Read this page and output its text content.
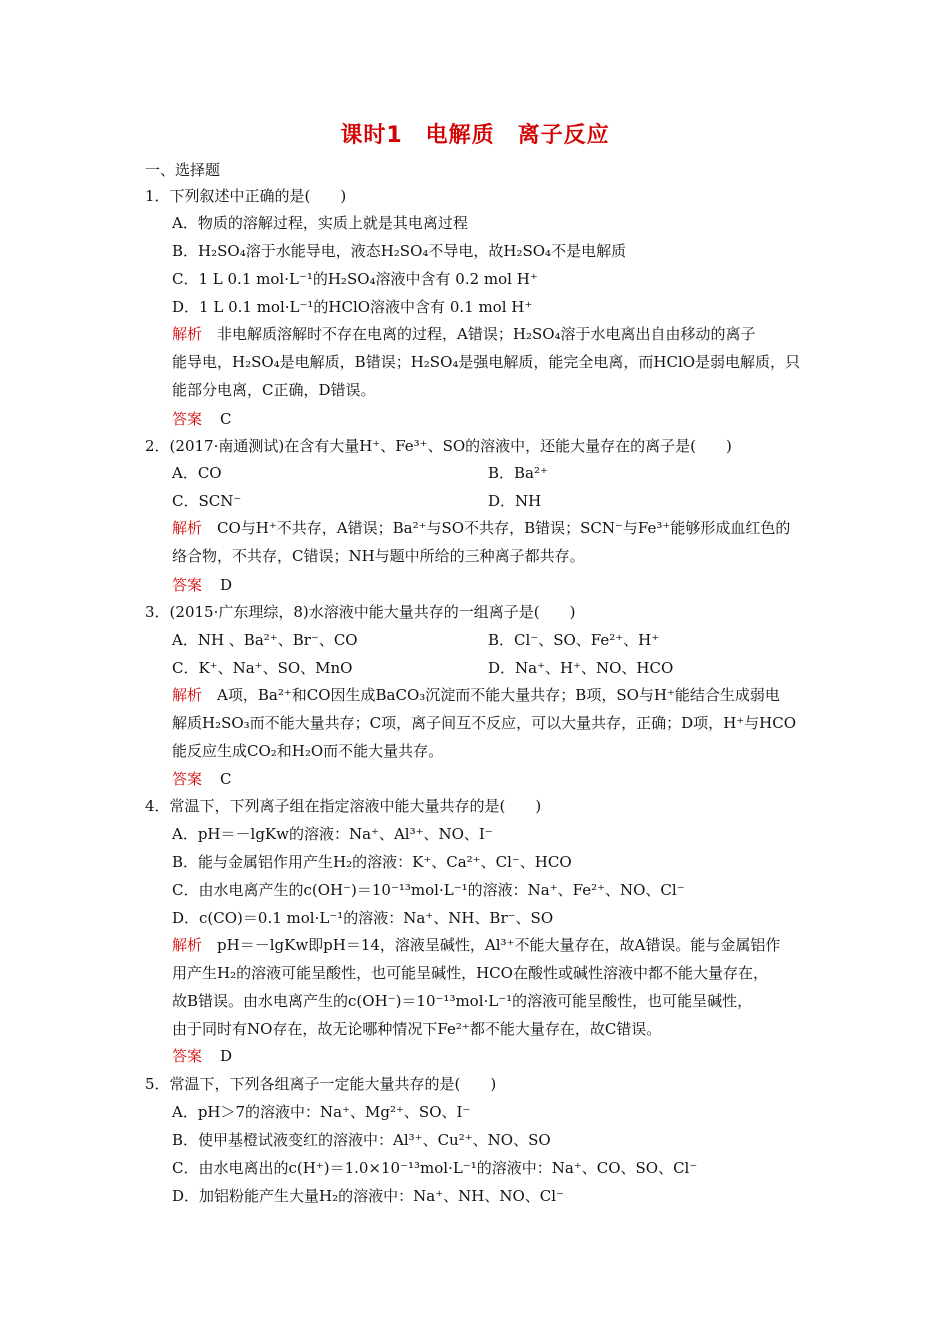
课时1　电解质　离子反应
一、选择题
1．下列叙述中正确的是(　　)
A．物质的溶解过程，实质上就是其电离过程
B．H₂SO₄溶于水能导电，液态H₂SO₄不导电，故H₂SO₄不是电解质
C．1 L 0.1 mol·L⁻¹的H₂SO₄溶液中含有 0.2 mol H⁺
D．1 L 0.1 mol·L⁻¹的HClO溶液中含有 0.1 mol H⁺
解析　 非电解质溶解时不存在电离的过程，A错误；H₂SO₄溶于水电离出自由移动的离子
能导电，H₂SO₄是电解质，B错误；H₂SO₄是强电解质，能完全电离，而HClO是弱电解质，只
能部分电离，C正确，D错误。
答案 C
2．(2017·南通测试)在含有大量H⁺、Fe³⁺、SO的溶液中，还能大量存在的离子是(　　)
A．CO	B．Ba²⁺
C．SCN⁻	D．NH
解析　 CO与H⁺不共存，A错误；Ba²⁺与SO不共存，B错误；SCN⁻与Fe³⁺能够形成血红色的
络合物，不共存，C错误；NH与题中所给的三种离子都共存。
答案 D
3．(2015·广东理综，8)水溶液中能大量共存的一组离子是(　　)
A．NH 、Ba²⁺、Br⁻、CO	B．Cl⁻、SO、Fe²⁺、H⁺
C．K⁺、Na⁺、SO、MnO	D．Na⁺、H⁺、NO、HCO
解析　 A项，Ba²⁺和CO因生成BaCO₃沉淀而不能大量共存；B项，SO与H⁺能结合生成弱电
解质H₂SO₃而不能大量共存；C项，离子间互不反应，可以大量共存，正确；D项，H⁺与HCO
能反应生成CO₂和H₂O而不能大量共存。
答案 C
4．常温下，下列离子组在指定溶液中能大量共存的是(　　)
A．pH＝－lgKw的溶液：Na⁺、Al³⁺、NO、I⁻
B．能与金属铝作用产生H₂的溶液：K⁺、Ca²⁺、Cl⁻、HCO
C．由水电离产生的c(OH⁻)＝10⁻¹³mol·L⁻¹的溶液：Na⁺、Fe²⁺、NO、Cl⁻
D．c(CO)＝0.1 mol·L⁻¹的溶液：Na⁺、NH、Br⁻、SO
解析　 pH＝－lgKw即pH＝14，溶液呈碱性，Al³⁺不能大量存在，故A错误。能与金属铝作
用产生H₂的溶液可能呈酸性，也可能呈碱性，HCO在酸性或碱性溶液中都不能大量存在，
故B错误。由水电离产生的c(OH⁻)＝10⁻¹³mol·L⁻¹的溶液可能呈酸性，也可能呈碱性，
由于同时有NO存在，故无论哪种情况下Fe²⁺都不能大量存在，故C错误。
答案 D
5．常温下，下列各组离子一定能大量共存的是(　　)
A．pH＞7的溶液中：Na⁺、Mg²⁺、SO、I⁻
B．使甲基橙试液变红的溶液中：Al³⁺、Cu²⁺、NO、SO
C．由水电离出的c(H⁺)＝1.0×10⁻¹³mol·L⁻¹的溶液中：Na⁺、CO、SO、Cl⁻
D．加铝粉能产生大量H₂的溶液中：Na⁺、NH、NO、Cl⁻
